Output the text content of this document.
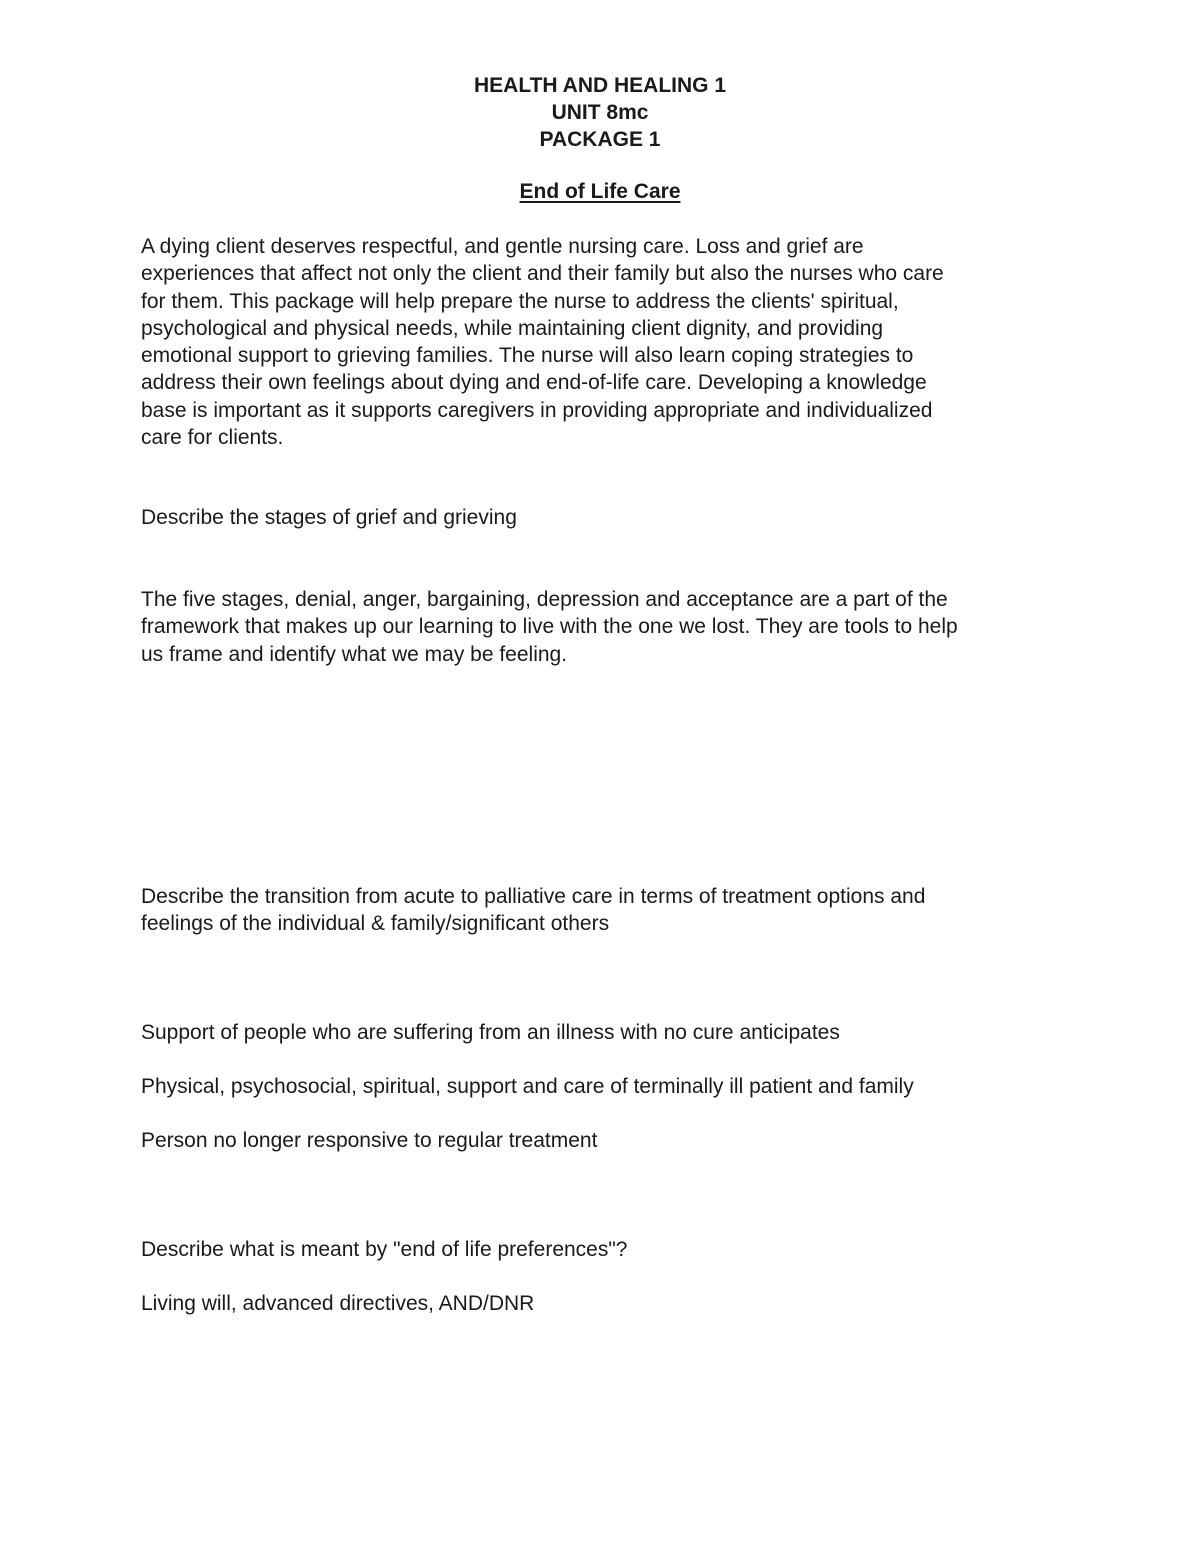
HEALTH AND HEALING 1
UNIT 8mc
PACKAGE 1
End of Life Care

A dying client deserves respectful, and gentle nursing care. Loss and grief are
experiences that affect not only the client and their family but also the nurses who care
for them. This package will help prepare the nurse to address the clients' spiritual,
psychological and physical needs, while maintaining client dignity, and providing
emotional support to grieving families. The nurse will also learn coping strategies to
address their own feelings about dying and end-of-life care. Developing a knowledge
base is important as it supports caregivers in providing appropriate and individualized
care for clients.

Describe the stages of grief and grieving

The five stages, denial, anger, bargaining, depression and acceptance are a part of the
framework that makes up our learning to live with the one we lost. They are tools to help
us frame and identify what we may be feeling.

Describe the transition from acute to palliative care in terms of treatment options and
feelings of the individual & family/significant others

Support of people who are suffering from an illness with no cure anticipates

Physical, psychosocial, spiritual, support and care of terminally ill patient and family

Person no longer responsive to regular treatment

Describe what is meant by "end of life preferences"?

Living will, advanced directives, AND/DNR
